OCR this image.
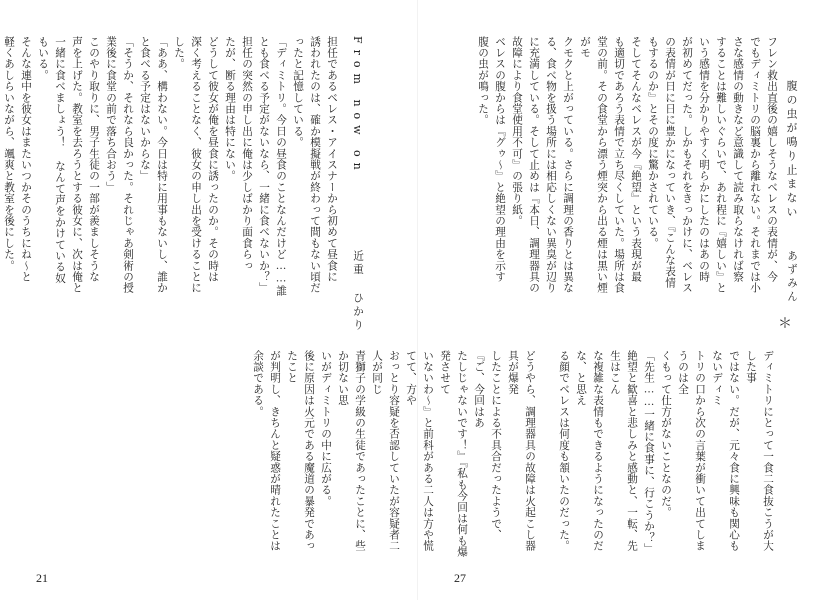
From now on
近重 ひかり
担任であるベレス・アイスナーから初めて昼食に
誘われたのは、確か模擬戦が終わって間もない頃だ
ったと記憶している。
「ディミトリ。今日の昼食のことなんだけど……誰
とも食べる予定がないなら、一緒に食べないか？」
担任の突然の申し出に俺は少しばかり面食らっ
たが、断る理由は特にない。
どうして彼女が俺を昼食に誘ったのか。その時は
深く考えることなく、彼女の申し出を受けることに
した。
「ああ、構わない。今日は特に用事もないし、誰か
と食べる予定はないからな」
「そうか、それなら良かった。それじゃあ剣術の授
業後に食堂の前で落ち合おう」
このやり取りに、男子生徒の一部が羨ましそうな
声を上げた。教室を去ろうとする彼女に、次は俺と
一緒に食べましょう！ なんて声をかけている奴
もいる。
そんな連中を彼女はまたいつかそのうちにね〜と
軽くあしらいながら、颯爽と教室を後にした。

21
腹の虫が鳴り止まない
あずみん
フレン救出直後の嬉しそうなベレスの表情が、今
でもディミトリの脳裏から離れない。それまでは小
さな感情の動きなど意識して読み取らなければ察
することは難しいぐらいで、あれ程に『嬉しい』と
いう感情を分かりやすく明らかにしたのはあの時
が初めてだった。しかもそれをきっかけに、ベレス
の表情が日に日に豊かになっていき、『こんな表情
もするのか』とその度に驚かされている。
そしてそんなベレスが今『絶望』という表現が最
も適切であろう表情で立ち尽くしていた。場所は食
堂の前。その食堂から漂う煙突から出る煙は黒い煙がモ
クモクと上がっている。さらに調理の香りとは異な
る、食べ物を扱う場所には相応しくない異臭が辺り
に充満している。そして止めは『本日、調理器具の
故障により食堂使用不可』の張り紙。
ベレスの腹からは『グゥ〜』と絶望の理由を示す
腹の虫が鳴った。
＊
ディミトリにとって一食二食抜こうが大した事
ではない。だが、元々食に興味も関心もないディミ
トリの口から次の言葉が衝いて出てしまうのは全
くもって仕方がないことなのだ。
「先生……一緒に食事に、行こうか？」
絶望と歓喜と悲しみと感動と、一転、先生はこん
な複雑な表情もできるようになったのだな、と思え
る顔でベレスは何度も頷いたのだった。

どうやら、調理器具の故障は火起こし器具が爆発
したことによる不具合だったようで、『ご、今回はあ
たしじゃないです！』『私も今回は何も爆発させて
いないわ〜』と前科がある二人は方や慌てて、方や
おっとり容疑を否認していたが容疑者二人が同じ
青獅子の学級の生徒であったことに、些か切ない思
いがディミトリの中に広がる。
後に原因は火元である魔道の暴発であったこと
が判明し、きちんと疑惑が晴れたことは余談である。
27
